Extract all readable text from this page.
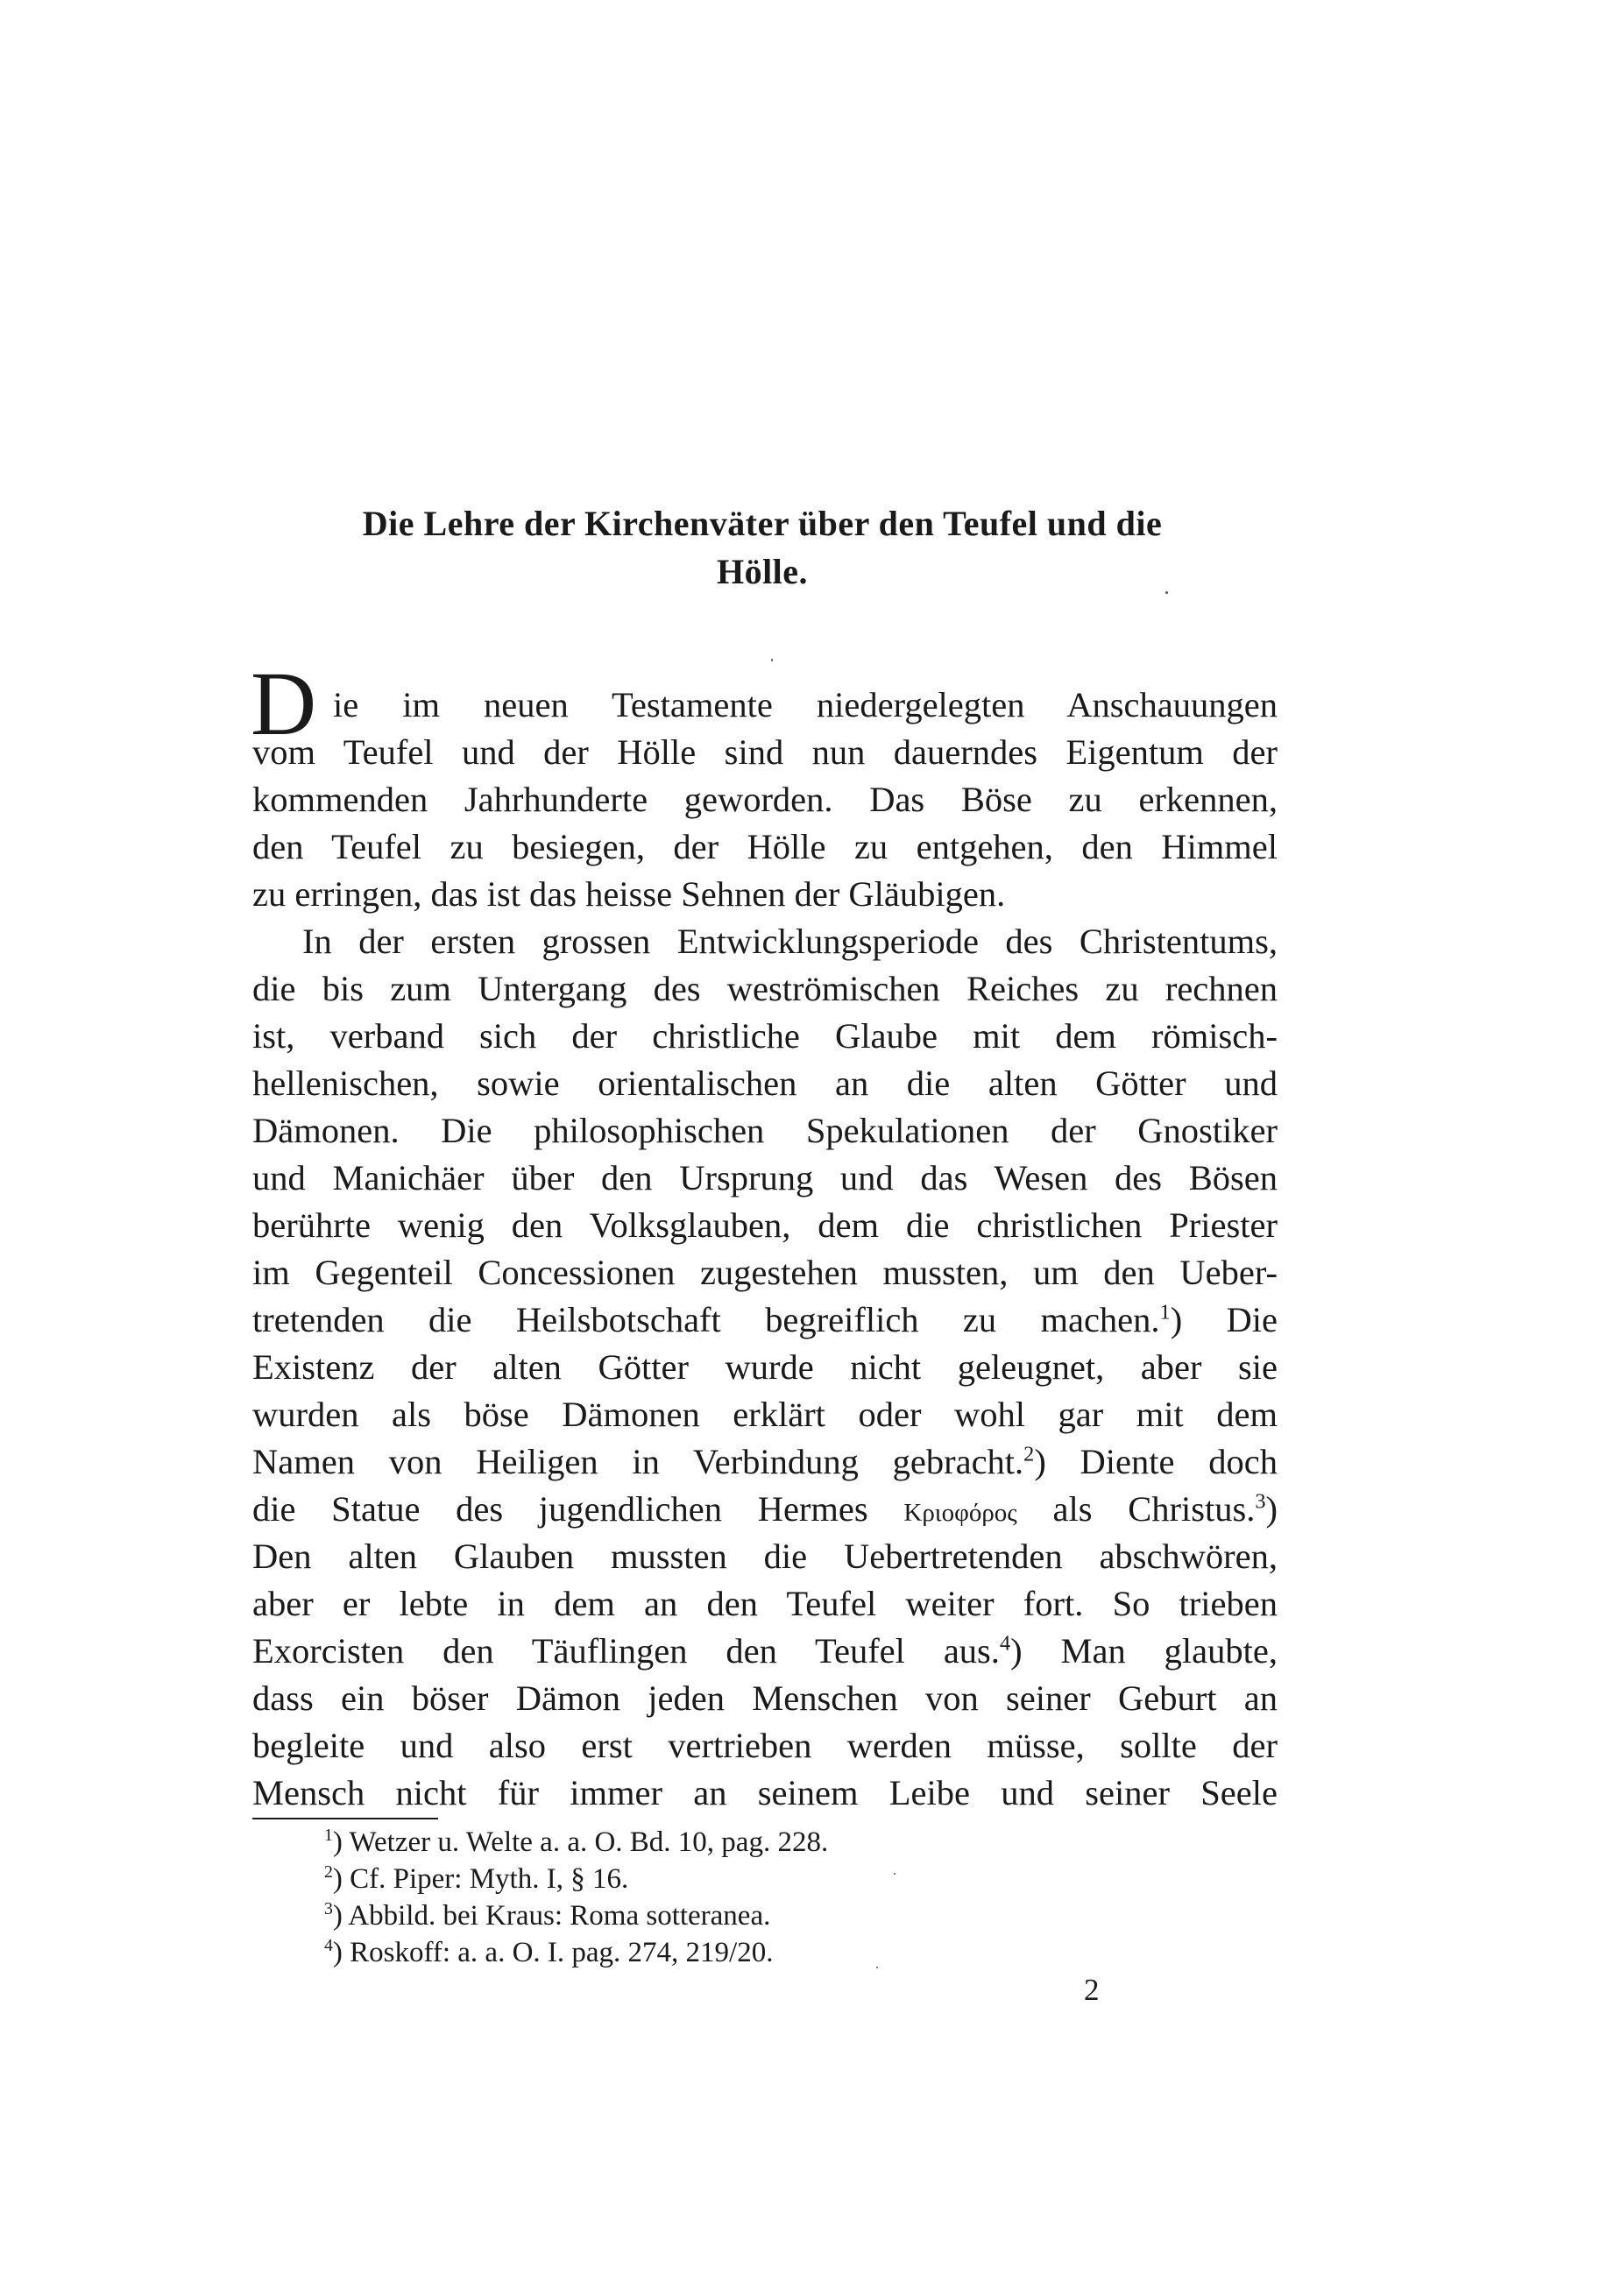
Die Lehre der Kirchenväter über den Teufel und die
Hölle.
D ie im neuen Testamente niedergelegten Anschauungen
vom Teufel und der Hölle sind nun dauerndes Eigentum der
kommenden Jahrhunderte geworden. Das Böse zu erkennen,
den Teufel zu besiegen, der Hölle zu entgehen, den Himmel
zu erringen, das ist das heisse Sehnen der Gläubigen.
In der ersten grossen Entwicklungsperiode des Christentums,
die bis zum Untergang des weströmischen Reiches zu rechnen
ist, verband sich der christliche Glaube mit dem römisch-
hellenischen, sowie orientalischen an die alten Götter und
Dämonen. Die philosophischen Spekulationen der Gnostiker
und Manichäer über den Ursprung und das Wesen des Bösen
berührte wenig den Volksglauben, dem die christlichen Priester
im Gegenteil Concessionen zugestehen mussten, um den Ueber-
tretenden die Heilsbotschaft begreiflich zu machen.$^1$) Die
Existenz der alten Götter wurde nicht geleugnet, aber sie
wurden als böse Dämonen erklärt oder wohl gar mit dem
Namen von Heiligen in Verbindung gebracht.$^2$) Diente doch
die Statue des jugendlichen Hermes Κριοφόρος als Christus.$^3$)
Den alten Glauben mussten die Uebertretenden abschwören,
aber er lebte in dem an den Teufel weiter fort. So trieben
Exorcisten den Täuflingen den Teufel aus.$^4$) Man glaubte,
dass ein böser Dämon jeden Menschen von seiner Geburt an
begleite und also erst vertrieben werden müsse, sollte der
Mensch nicht für immer an seinem Leibe und seiner Seele
$^1$) Wetzer u. Welte a. a. O. Bd. 10, pag. 228.
$^2$) Cf. Piper: Myth. I, § 16.
$^3$) Abbild. bei Kraus: Roma sotteranea.
$^4$) Roskoff: a. a. O. I. pag. 274, 219/20.
2
